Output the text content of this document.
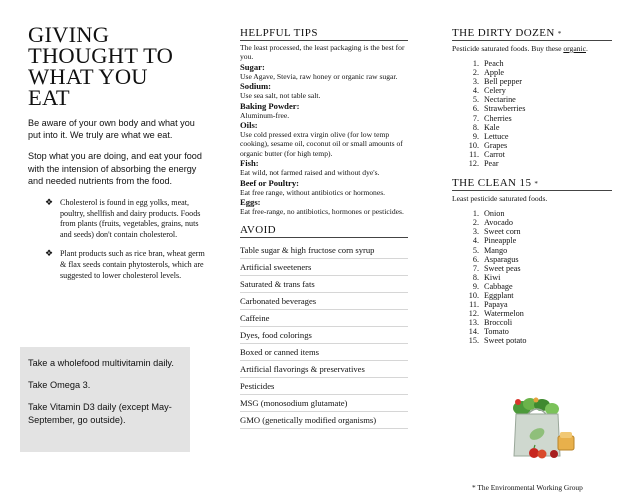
GIVING
THOUGHT TO
WHAT YOU
EAT

Be aware of your own body and what you put into it. We truly are what we eat.

Stop what you are doing, and eat your food with the intension of absorbing the energy and needed nutrients from the food.

❖ Cholesterol is found in egg yolks, meat, poultry, shellfish and dairy products. Foods from plants (fruits, vegetables, grains, nuts and seeds) don't contain cholesterol.
❖ Plant products such as rice bran, wheat germ & flax seeds contain phytosterols, which are suggested to lower cholesterol levels.

Take a wholefood multivitamin daily.

Take Omega 3.

Take Vitamin D3 daily (except May-September, go outside).

HELPFUL TIPS
The least processed, the least packaging is the best for you.
Sugar:
Use Agave, Stevia, raw honey or organic raw sugar.
Sodium:
Use sea salt, not table salt.
Baking Powder:
Aluminum-free.
Oils:
Use cold pressed extra virgin olive (for low temp cooking), sesame oil, coconut oil or small amounts of organic butter (for high temp).
Fish:
Eat wild, not farmed raised and without dye's.
Beef or Poultry:
Eat free range, without antibiotics or hormones.
Eggs:
Eat free-range, no antibiotics, hormones or pesticides.
AVOID
Table sugar & high fructose corn syrup
Artificial sweeteners
Saturated & trans fats
Carbonated beverages
Caffeine
Dyes, food colorings
Boxed or canned items
Artificial flavorings & preservatives
Pesticides
MSG (monosodium glutamate)
GMO (genetically modified organisms)
THE DIRTY DOZEN *
Pesticide saturated foods. Buy these organic.
1. Peach
2. Apple
3. Bell pepper
4. Celery
5. Nectarine
6. Strawberries
7. Cherries
8. Kale
9. Lettuce
10. Grapes
11. Carrot
12. Pear
THE CLEAN 15 *
Least pesticide saturated foods.
1. Onion
2. Avocado
3. Sweet corn
4. Pineapple
5. Mango
6. Asparagus
7. Sweet peas
8. Kiwi
9. Cabbage
10. Eggplant
11. Papaya
12. Watermelon
13. Broccoli
14. Tomato
15. Sweet potato
* The Environmental Working Group
